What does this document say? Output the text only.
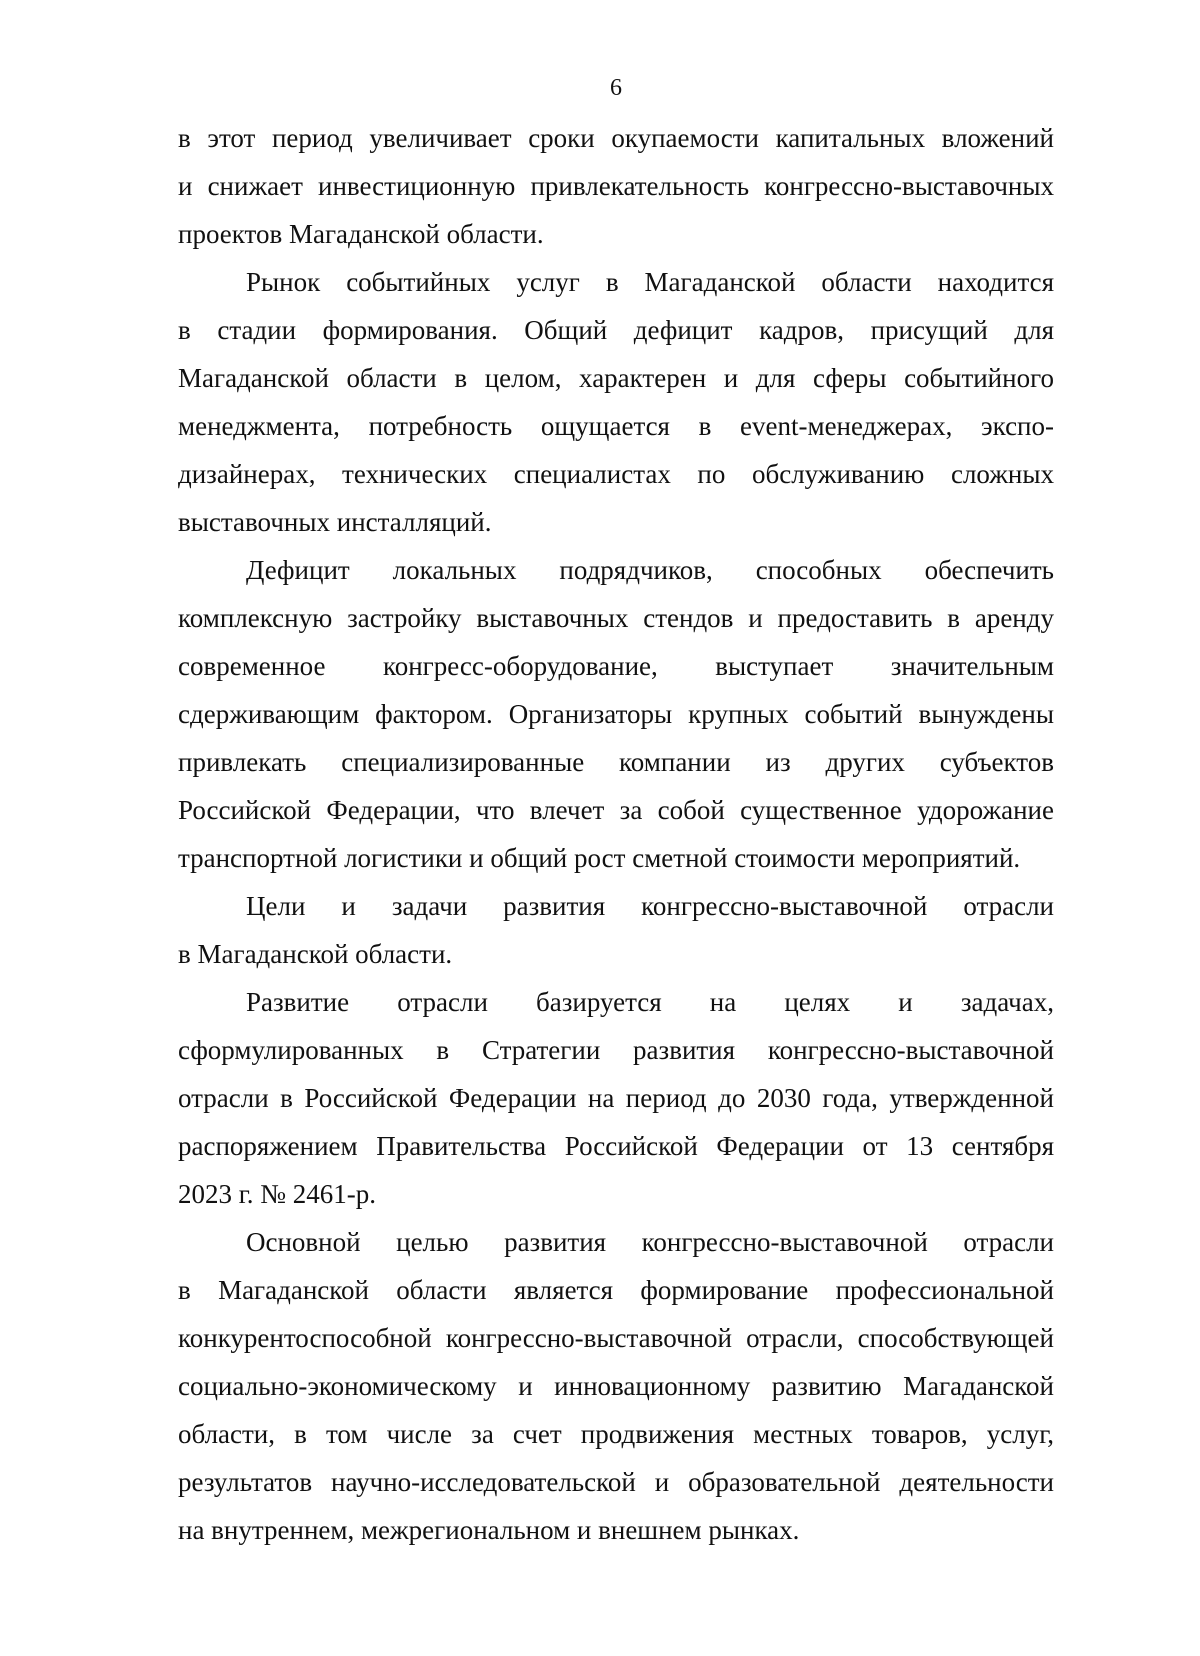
6
в этот период увеличивает сроки окупаемости капитальных вложений
и снижает инвестиционную привлекательность конгрессно-выставочных
проектов Магаданской области.
Рынок событийных услуг в Магаданской области находится
в стадии формирования. Общий дефицит кадров, присущий для
Магаданской области в целом, характерен и для сферы событийного
менеджмента, потребность ощущается в event-менеджерах, экспо-
дизайнерах, технических специалистах по обслуживанию сложных
выставочных инсталляций.
Дефицит локальных подрядчиков, способных обеспечить
комплексную застройку выставочных стендов и предоставить в аренду
современное конгресс-оборудование, выступает значительным
сдерживающим фактором. Организаторы крупных событий вынуждены
привлекать специализированные компании из других субъектов
Российской Федерации, что влечет за собой существенное удорожание
транспортной логистики и общий рост сметной стоимости мероприятий.
Цели и задачи развития конгрессно-выставочной отрасли
в Магаданской области.
Развитие отрасли базируется на целях и задачах,
сформулированных в Стратегии развития конгрессно-выставочной
отрасли в Российской Федерации на период до 2030 года, утвержденной
распоряжением Правительства Российской Федерации от 13 сентября
2023 г. № 2461-р.
Основной целью развития конгрессно-выставочной отрасли
в Магаданской области является формирование профессиональной
конкурентоспособной конгрессно-выставочной отрасли, способствующей
социально-экономическому и инновационному развитию Магаданской
области, в том числе за счет продвижения местных товаров, услуг,
результатов научно-исследовательской и образовательной деятельности
на внутреннем, межрегиональном и внешнем рынках.
